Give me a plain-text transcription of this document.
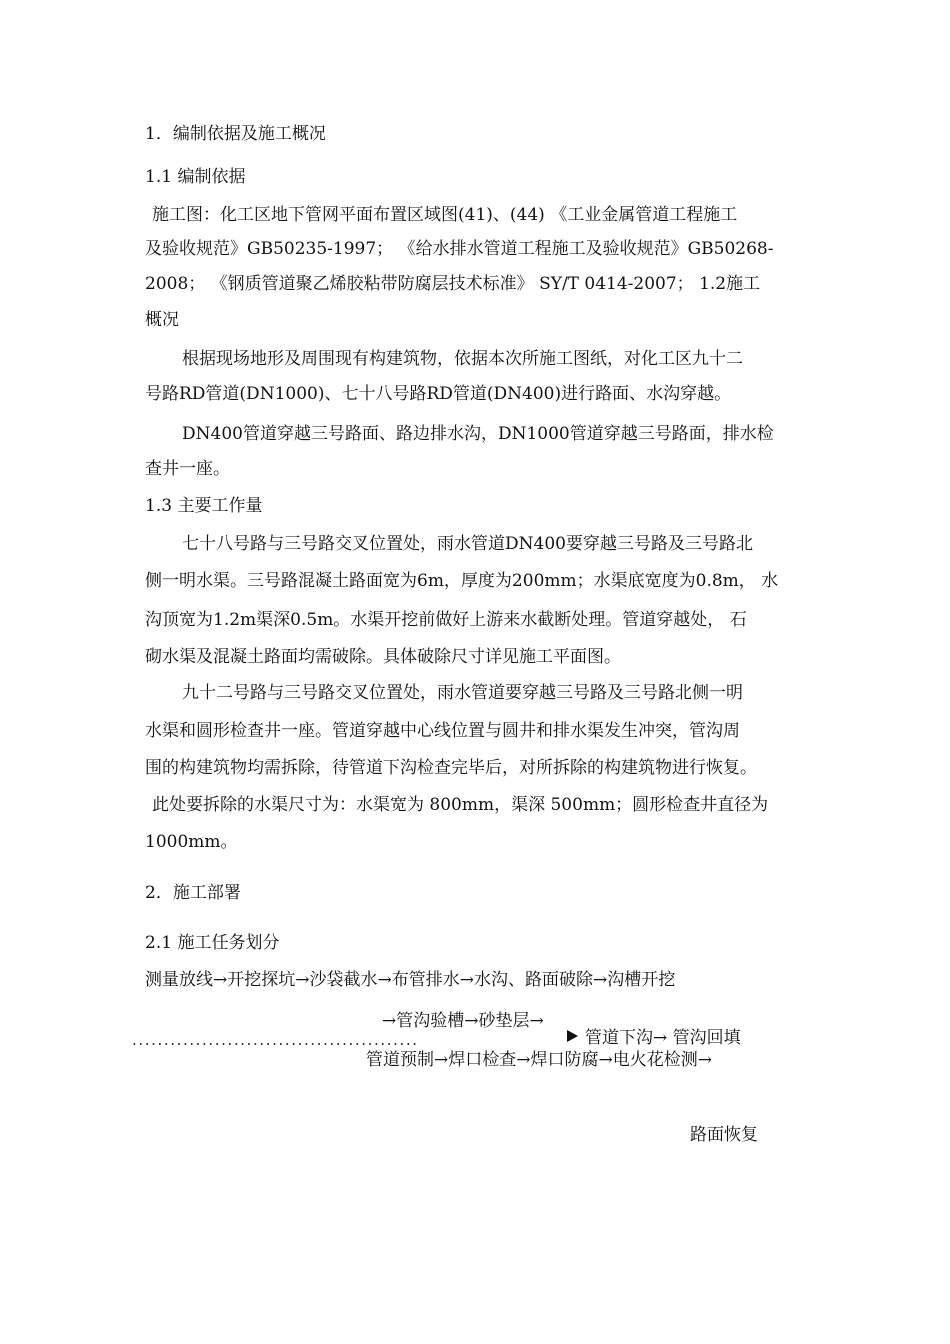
1．编制依据及施工概况
1.1 编制依据
施工图：化工区地下管网平面布置区域图(41)、(44) 《工业金属管道工程施工
及验收规范》GB50235-1997； 《给水排水管道工程施工及验收规范》GB50268-
2008； 《钢质管道聚乙烯胶粘带防腐层技术标准》 SY/T 0414-2007； 1.2施工
概况
根据现场地形及周围现有构建筑物，依据本次所施工图纸，对化工区九十二
号路RD管道(DN1000)、七十八号路RD管道(DN400)进行路面、水沟穿越。
DN400管道穿越三号路面、路边排水沟，DN1000管道穿越三号路面，排水检
查井一座。
1.3 主要工作量
七十八号路与三号路交叉位置处，雨水管道DN400要穿越三号路及三号路北
侧一明水渠。三号路混凝土路面宽为6m，厚度为200mm；水渠底宽度为0.8m， 水
沟顶宽为1.2m渠深0.5m。水渠开挖前做好上游来水截断处理。管道穿越处， 石
砌水渠及混凝土路面均需破除。具体破除尺寸详见施工平面图。
九十二号路与三号路交叉位置处，雨水管道要穿越三号路及三号路北侧一明
水渠和圆形检查井一座。管道穿越中心线位置与圆井和排水渠发生冲突，管沟周
围的构建筑物均需拆除，待管道下沟检查完毕后，对所拆除的构建筑物进行恢复。
此处要拆除的水渠尺寸为：水渠宽为 800mm，渠深 500mm；圆形检查井直径为
1000mm。
2．施工部署
2.1 施工任务划分
测量放线→开挖探坑→沙袋截水→布管排水→水沟、路面破除→沟槽开挖
→管沟验槽→砂垫层→
.............................................	管道下沟→ 管沟回填
管道预制→焊口检查→焊口防腐→电火花检测→
路面恢复
